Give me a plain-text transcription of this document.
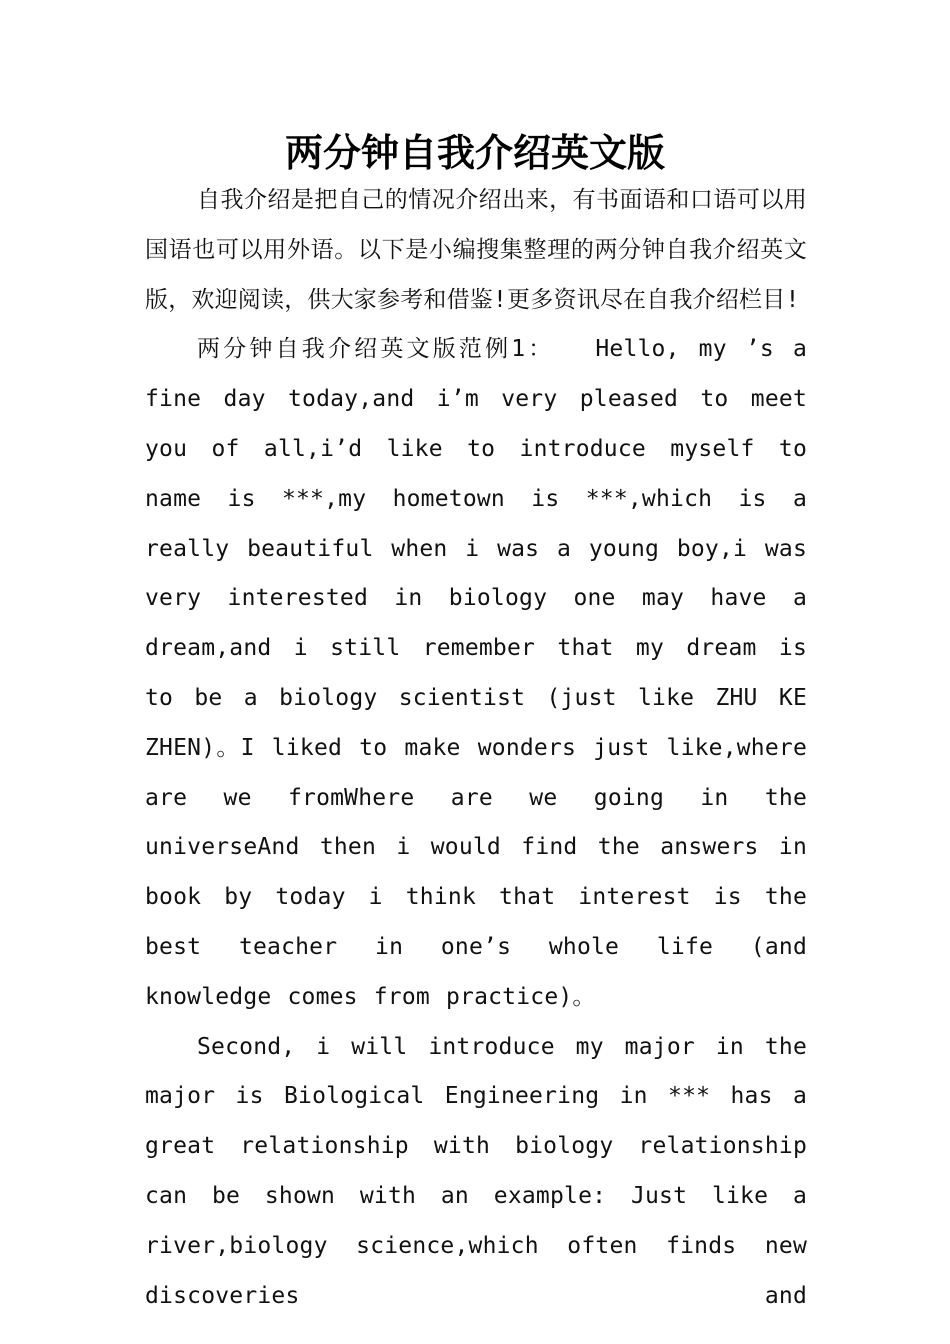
两分钟自我介绍英文版

自我介绍是把自己的情况介绍出来，有书面语和口语可以用国语也可以用外语。以下是小编搜集整理的两分钟自我介绍英文版，欢迎阅读，供大家参考和借鉴!更多资讯尽在自我介绍栏目!

两分钟自我介绍英文版范例1：　　Hello, my ’s a fine day today,and i’m very pleased to meet you of all,i’d like to introduce myself to name is ***,my hometown is ***,which is a really beautiful when i was a young boy,i was very interested in biology one may have a dream,and i still remember that my dream is to be a biology scientist (just like ZHU KE ZHEN)。I liked to make wonders just like,where are we fromWhere are we going in the universeAnd then i would find the answers in book by today i think that interest is the best teacher in one’s whole life (and knowledge comes from practice)。

Second, i will introduce my major in the major is Biological Engineering in *** has a great relationship with biology relationship can be shown with an example: Just like a river,biology science,which often finds new discoveries and
